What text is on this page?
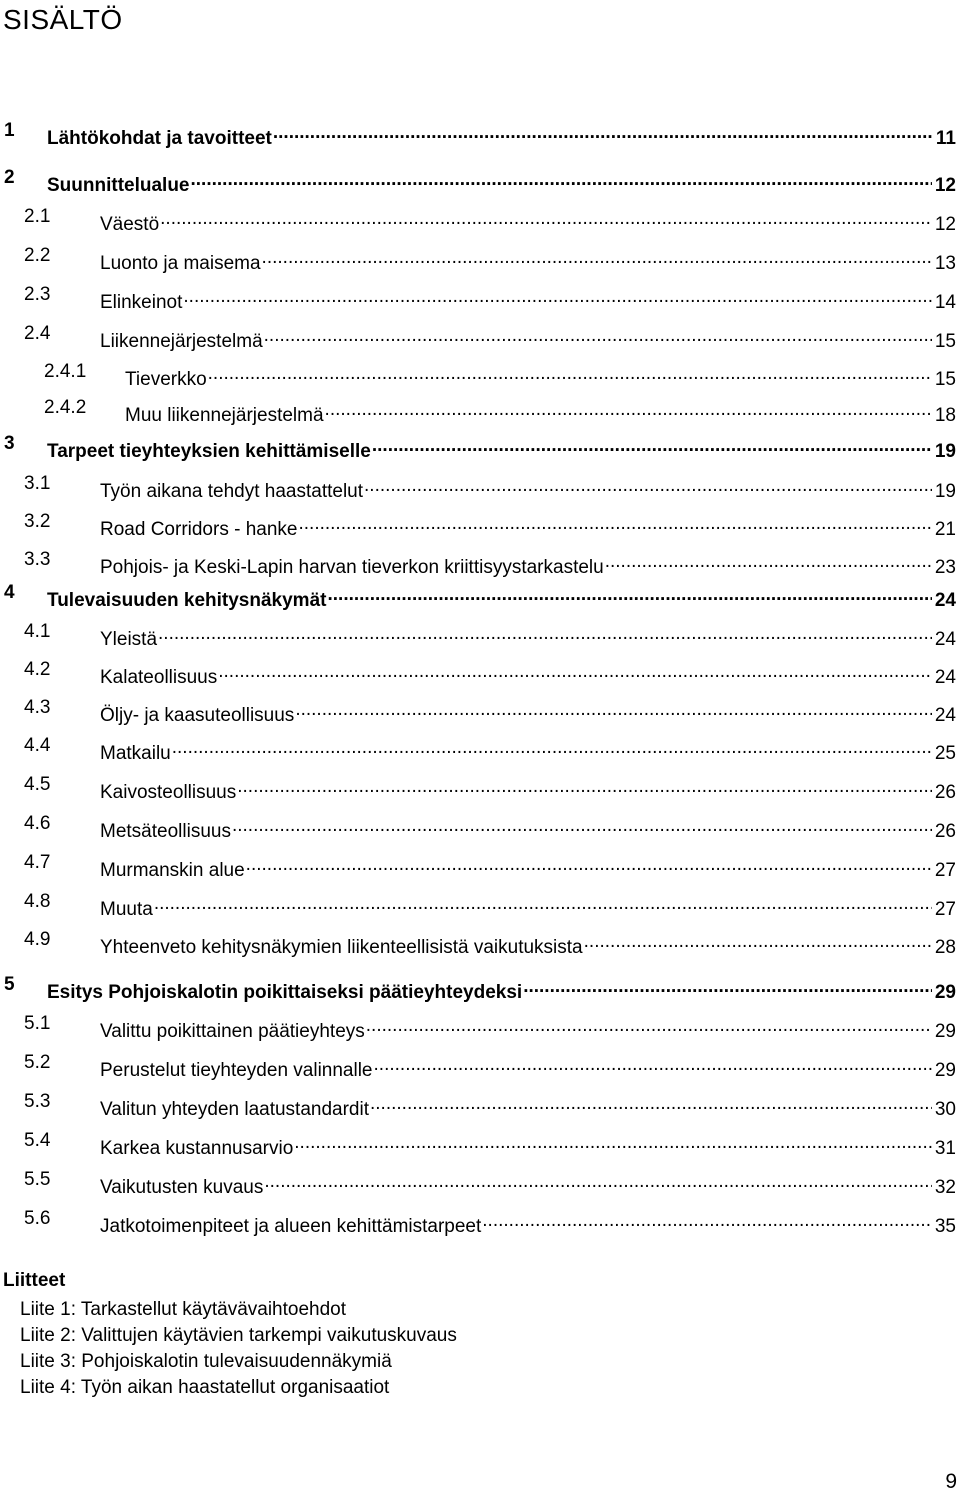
SISÄLTÖ
1 Lähtökohdat ja tavoitteet .....	11
2 Suunnittelualue .....	12
2.1	Väestö .....	12
2.2	Luonto ja maisema .....	13
2.3	Elinkeinot .....	14
2.4	Liikennejärjestelmä .....	15
2.4.1 Tieverkko .....	15
2.4.2 Muu liikennejärjestelmä .....	18
3 Tarpeet tieyhteyksien kehittämiselle .....	19
3.1	Työn aikana tehdyt haastattelut .....	19
3.2	Road Corridors - hanke .....	21
3.3	Pohjois- ja Keski-Lapin harvan tieverkon kriittisyystarkastelu .....	23
4 Tulevaisuuden kehitysnäkymät .....	24
4.1	Yleistä .....	24
4.2	Kalateollisuus .....	24
4.3	Öljy- ja kaasuteollisuus .....	24
4.4	Matkailu .....	25
4.5	Kaivosteollisuus .....	26
4.6	Metsäteollisuus .....	26
4.7	Murmanskin alue .....	27
4.8	Muuta .....	27
4.9	Yhteenveto kehitysnäkymien liikenteellisistä vaikutuksista .....	28
5 Esitys Pohjoiskalotin poikittaiseksi päätieyhteydeksi .....	29
5.1	Valittu poikittainen päätieyhteys .....	29
5.2	Perustelut tieyhteyden valinnalle .....	29
5.3	Valitun yhteyden laatustandardit .....	30
5.4	Karkea kustannusarvio .....	31
5.5	Vaikutusten kuvaus .....	32
5.6	Jatkotoimenpiteet ja alueen kehittämistarpeet .....	35
Liitteet
Liite 1: Tarkastellut käytävävaihtoehdot
Liite 2: Valittujen käytävien tarkempi vaikutuskuvaus
Liite 3: Pohjoiskalotin tulevaisuudennäkymiä
Liite 4: Työn aikan haastatellut organisaatiot
9
